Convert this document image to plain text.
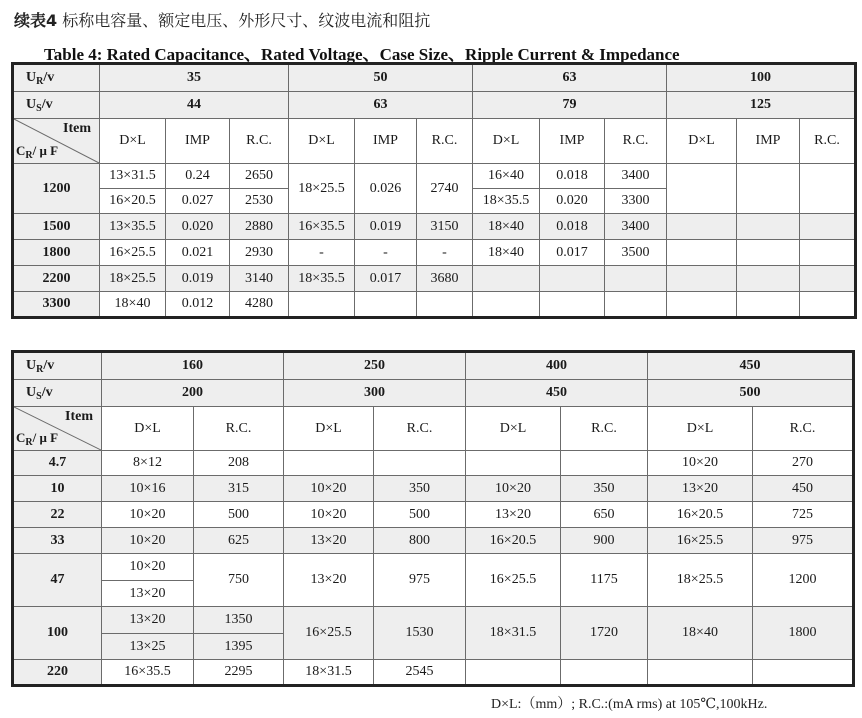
续表4 标称电容量、额定电压、外形尺寸、纹波电流和阻抗
Table 4: Rated Capacitance、Rated Voltage、Case Size、Ripple Current & Impedance
$U_R/v$	35			50			63			100		
$U_S/v$	44			63			79			125		

Item
$C_R/$ μ F	D×L	IMP	R.C.	D×L	IMP	R.C.	D×L	IMP	R.C.	D×L	IMP	R.C.
1200	13×31.5	0.24	2650	18×25.5	0.026	2740	16×40	0.018	3400			
	16×20.5	0.027	2530				18×35.5	0.020	3300			
1500	13×35.5	0.020	2880	16×35.5	0.019	3150	18×40	0.018	3400			
1800	16×25.5	0.021	2930	-	-	-	18×40	0.017	3500			
2200	18×25.5	0.019	3140	18×35.5	0.017	3680						
3300	18×40	0.012	4280									
$U_R/v$	160		250		400		450	
$U_S/v$	200		300		450		500	

Item
$C_R/$ μ F	D×L	R.C.	D×L	R.C.	D×L	R.C.	D×L	R.C.
4.7	8×12	208					10×20	270
10	10×16	315	10×20	350	10×20	350	13×20	450
22	10×20	500	10×20	500	13×20	650	16×20.5	725
33	10×20	625	13×20	800	16×20.5	900	16×25.5	975
47	10×20	750	13×20	975	16×25.5	1175	18×25.5	1200
	13×20							
100	13×20	1350	16×25.5	1530	18×31.5	1720	18×40	1800
	13×25	1395						
220	16×35.5	2295	18×31.5	2545				
D×L:（mm）; R.C.:(mA rms) at 105℃,100kHz.
